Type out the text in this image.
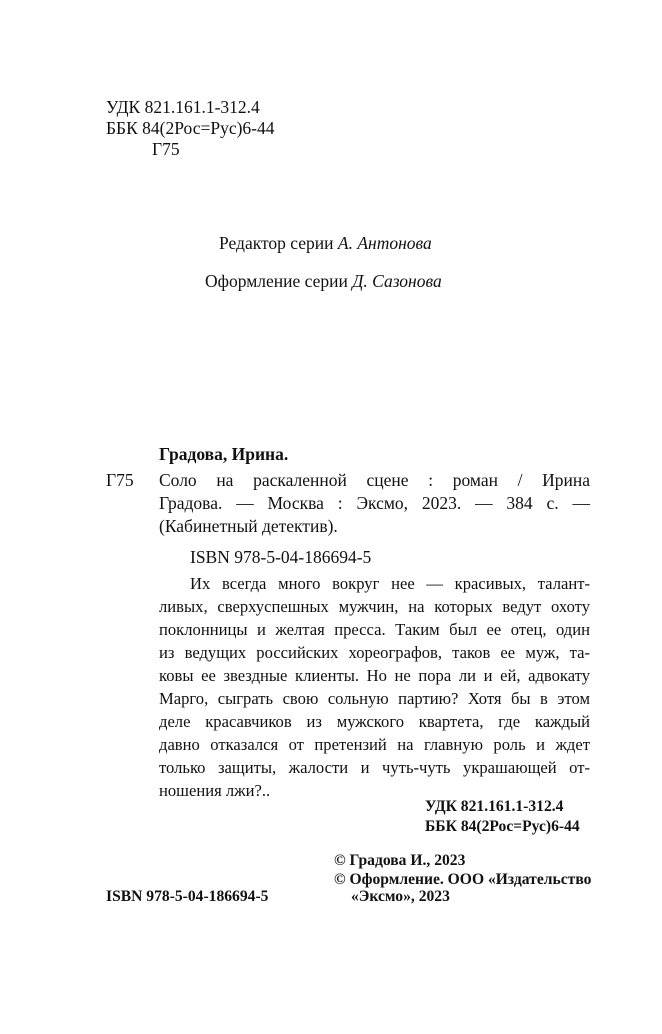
УДК 821.161.1-312.4
ББК 84(2Рос=Рус)6-44
Г75
Редактор серии А. Антонова
Оформление серии Д. Сазонова
Градова, Ирина.
Г75 Соло на раскаленной сцене : роман / Ирина
Градова. — Москва : Эксмо, 2023. — 384 с. —
(Кабинетный детектив).
ISBN 978-5-04-186694-5
Их всегда много вокруг нее — красивых, талант-
ливых, сверхуспешных мужчин, на которых ведут охоту
поклонницы и желтая пресса. Таким был ее отец, один
из ведущих российских хореографов, таков ее муж, та-
ковы ее звездные клиенты. Но не пора ли и ей, адвокату
Марго, сыграть свою сольную партию? Хотя бы в этом
деле красавчиков из мужского квартета, где каждый
давно отказался от претензий на главную роль и ждет
только защиты, жалости и чуть-чуть украшающей от-
ношения лжи?..
УДК 821.161.1-312.4
ББК 84(2Рос=Рус)6-44
© Градова И., 2023
© Оформление. ООО «Издательство
ISBN 978-5-04-186694-5	«Эксмо», 2023
